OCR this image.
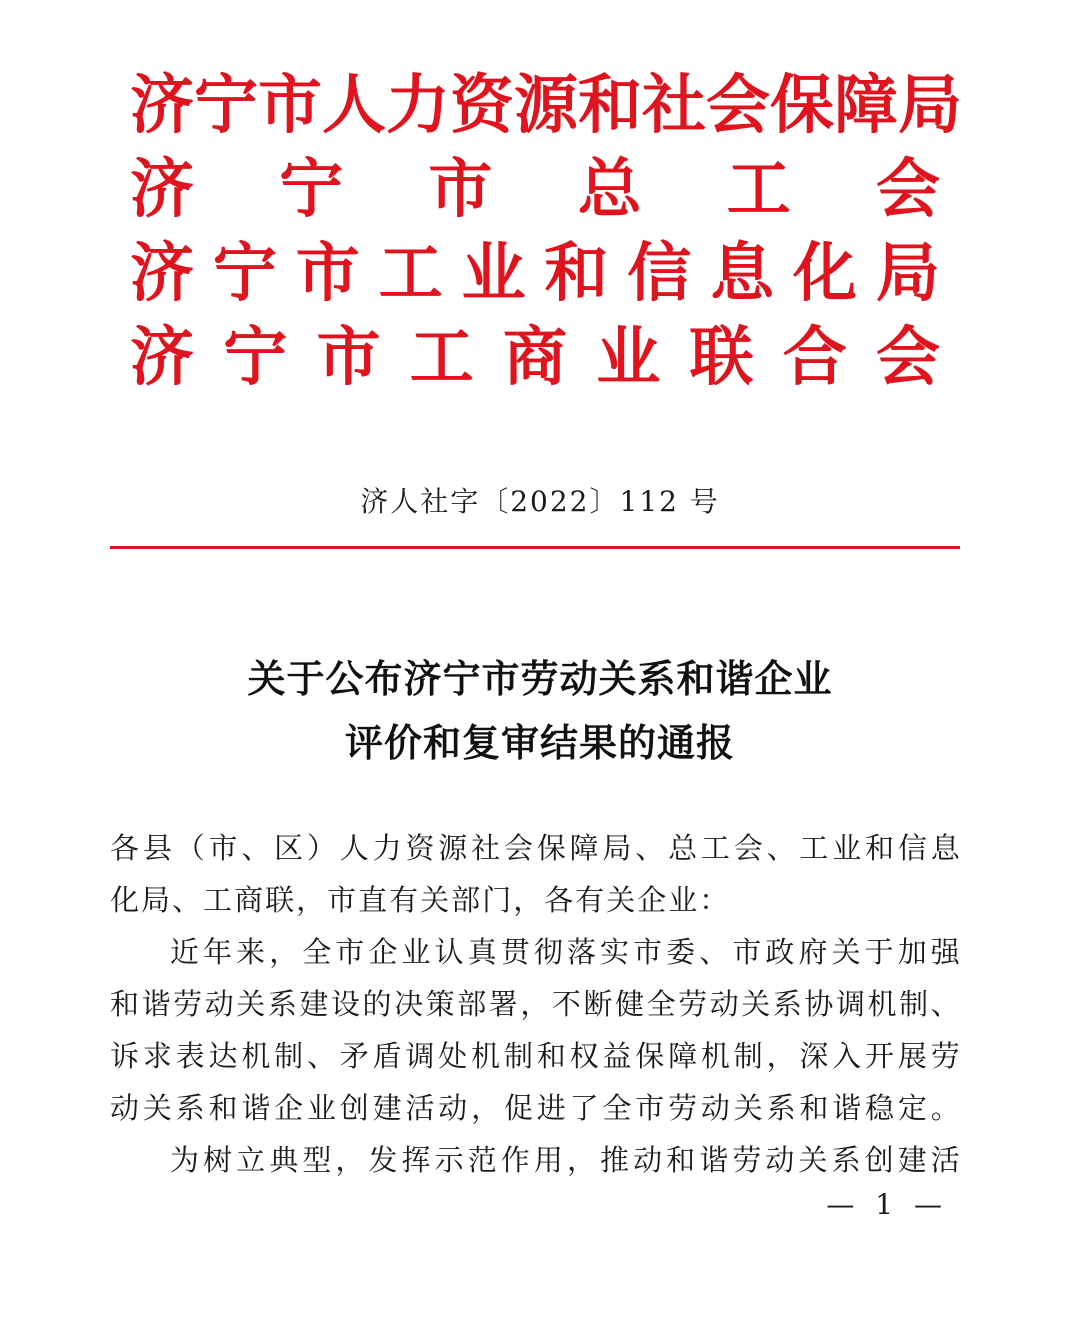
济 宁 市 人 力 资 源 和 社 会 保 障 局
济 宁 市 总 工 会
济 宁 市 工 业 和 信 息 化 局
济 宁 市 工 商 业 联 合 会
济人社字〔2022〕112 号
关于公布济宁市劳动关系和谐企业
评价和复审结果的通报
各 县 （ 市 、 区 ） 人 力 资 源 社 会 保 障 局 、 总 工 会 、 工 业 和 信 息
化 局 、 工 商 联 ， 市 直 有 关 部 门 ， 各 有 关 企 业 ：
近 年 来 ， 全 市 企 业 认 真 贯 彻 落 实 市 委 、 市 政 府 关 于 加 强
和 谐 劳 动 关 系 建 设 的 决 策 部 署 ， 不 断 健 全 劳 动 关 系 协 调 机 制 、
诉 求 表 达 机 制 、 矛 盾 调 处 机 制 和 权 益 保 障 机 制 ， 深 入 开 展 劳
动 关 系 和 谐 企 业 创 建 活 动 ， 促 进 了 全 市 劳 动 关 系 和 谐 稳 定 。
为 树 立 典 型 ， 发 挥 示 范 作 用 ， 推 动 和 谐 劳 动 关 系 创 建 活
— 1 —
